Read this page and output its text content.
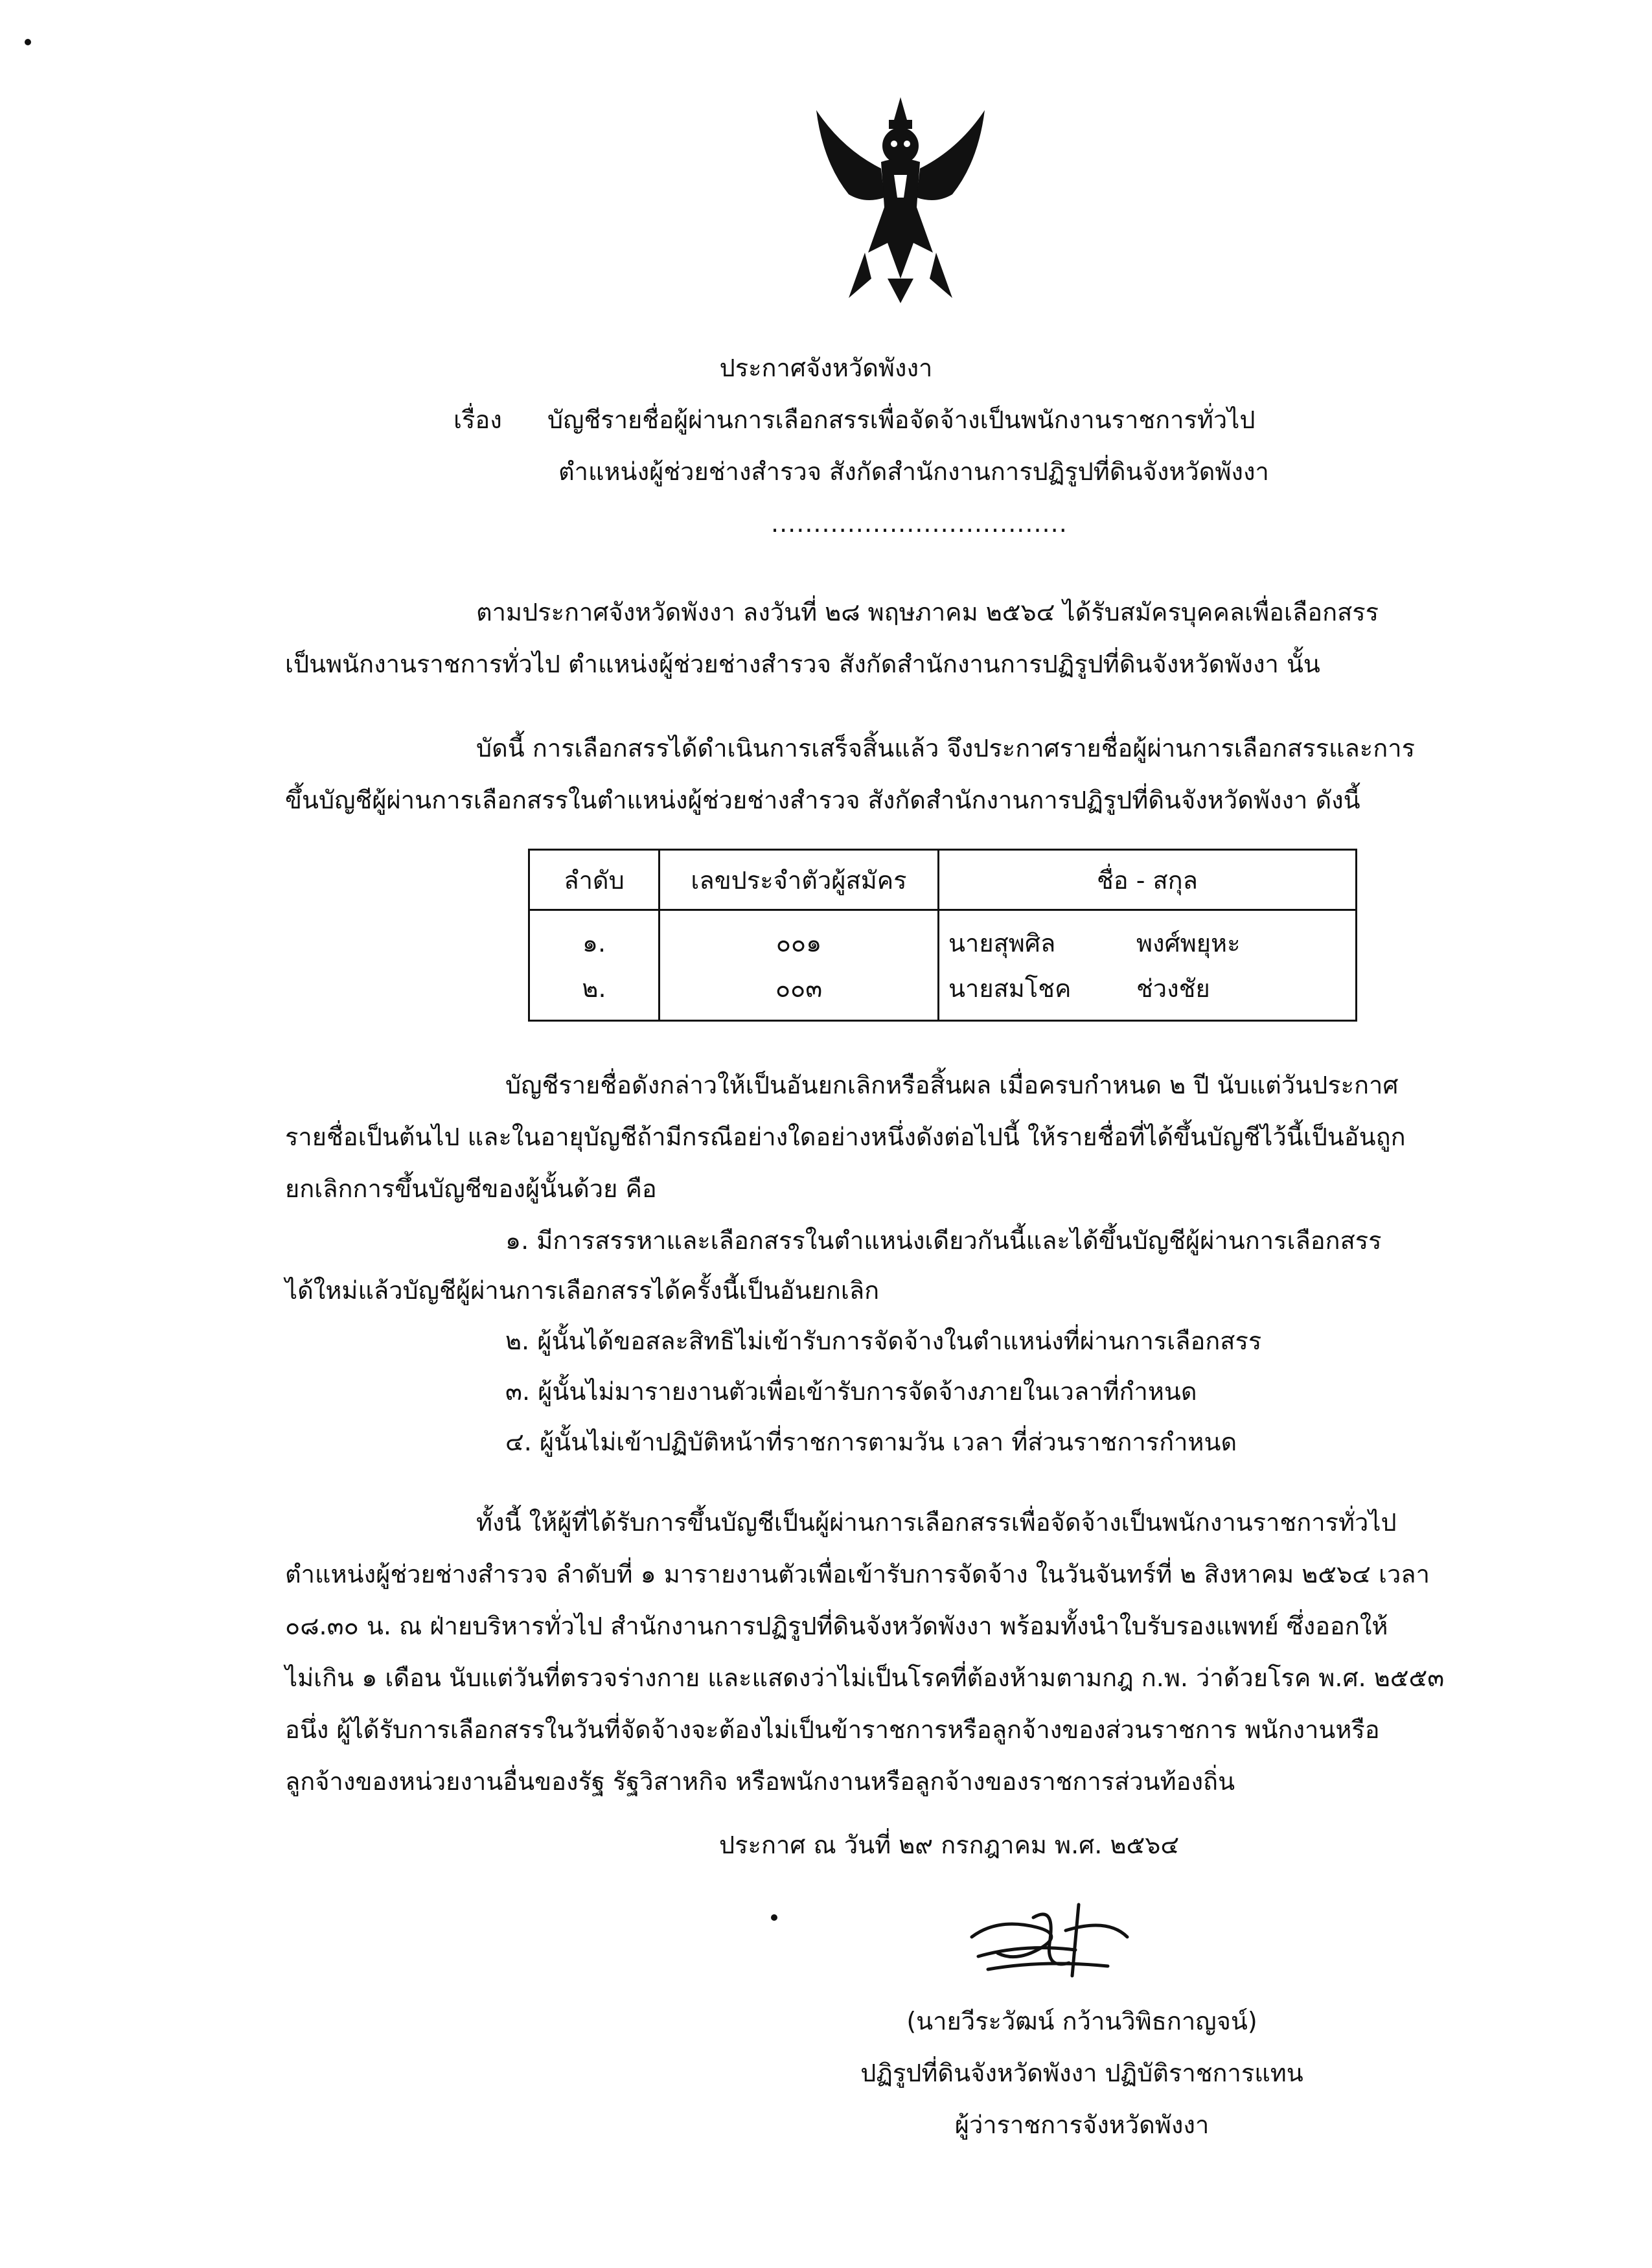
ประกาศจังหวัดพังงา
เรื่อง บัญชีรายชื่อผู้ผ่านการเลือกสรรเพื่อจัดจ้างเป็นพนักงานราชการทั่วไป
ตำแหน่งผู้ช่วยช่างสำรวจ สังกัดสำนักงานการปฏิรูปที่ดินจังหวัดพังงา
...................................
ตามประกาศจังหวัดพังงา ลงวันที่ ๒๘ พฤษภาคม ๒๕๖๔ ได้รับสมัครบุคคลเพื่อเลือกสรร
เป็นพนักงานราชการทั่วไป ตำแหน่งผู้ช่วยช่างสำรวจ สังกัดสำนักงานการปฏิรูปที่ดินจังหวัดพังงา นั้น
บัดนี้ การเลือกสรรได้ดำเนินการเสร็จสิ้นแล้ว จึงประกาศรายชื่อผู้ผ่านการเลือกสรรและการ
ขึ้นบัญชีผู้ผ่านการเลือกสรรในตำแหน่งผู้ช่วยช่างสำรวจ สังกัดสำนักงานการปฏิรูปที่ดินจังหวัดพังงา ดังนี้
ลำดับ	เลขประจำตัวผู้สมัคร	ชื่อ - สกุล
๑.	๐๐๑	นายสุพศิล พงศ์พยุหะ

๒.	๐๐๓	นายสมโชค ช่วงชัย
บัญชีรายชื่อดังกล่าวให้เป็นอันยกเลิกหรือสิ้นผล เมื่อครบกำหนด ๒ ปี นับแต่วันประกาศ
รายชื่อเป็นต้นไป และในอายุบัญชีถ้ามีกรณีอย่างใดอย่างหนึ่งดังต่อไปนี้ ให้รายชื่อที่ได้ขึ้นบัญชีไว้นี้เป็นอันถูก
ยกเลิกการขึ้นบัญชีของผู้นั้นด้วย คือ
๑. มีการสรรหาและเลือกสรรในตำแหน่งเดียวกันนี้และได้ขึ้นบัญชีผู้ผ่านการเลือกสรร
ได้ใหม่แล้วบัญชีผู้ผ่านการเลือกสรรได้ครั้งนี้เป็นอันยกเลิก
๒. ผู้นั้นได้ขอสละสิทธิไม่เข้ารับการจัดจ้างในตำแหน่งที่ผ่านการเลือกสรร
๓. ผู้นั้นไม่มารายงานตัวเพื่อเข้ารับการจัดจ้างภายในเวลาที่กำหนด
๔. ผู้นั้นไม่เข้าปฏิบัติหน้าที่ราชการตามวัน เวลา ที่ส่วนราชการกำหนด
ทั้งนี้ ให้ผู้ที่ได้รับการขึ้นบัญชีเป็นผู้ผ่านการเลือกสรรเพื่อจัดจ้างเป็นพนักงานราชการทั่วไป
ตำแหน่งผู้ช่วยช่างสำรวจ ลำดับที่ ๑ มารายงานตัวเพื่อเข้ารับการจัดจ้าง ในวันจันทร์ที่ ๒ สิงหาคม ๒๕๖๔ เวลา
๐๘.๓๐ น. ณ ฝ่ายบริหารทั่วไป สำนักงานการปฏิรูปที่ดินจังหวัดพังงา พร้อมทั้งนำใบรับรองแพทย์ ซึ่งออกให้
ไม่เกิน ๑ เดือน นับแต่วันที่ตรวจร่างกาย และแสดงว่าไม่เป็นโรคที่ต้องห้ามตามกฎ ก.พ. ว่าด้วยโรค พ.ศ. ๒๕๕๓
อนึ่ง ผู้ได้รับการเลือกสรรในวันที่จัดจ้างจะต้องไม่เป็นข้าราชการหรือลูกจ้างของส่วนราชการ พนักงานหรือ
ลูกจ้างของหน่วยงานอื่นของรัฐ รัฐวิสาหกิจ หรือพนักงานหรือลูกจ้างของราชการส่วนท้องถิ่น
ประกาศ ณ วันที่ ๒๙ กรกฎาคม พ.ศ. ๒๕๖๔
(นายวีระวัฒน์ กว้านวิพิธกาญจน์)
ปฏิรูปที่ดินจังหวัดพังงา ปฏิบัติราชการแทน
ผู้ว่าราชการจังหวัดพังงา
